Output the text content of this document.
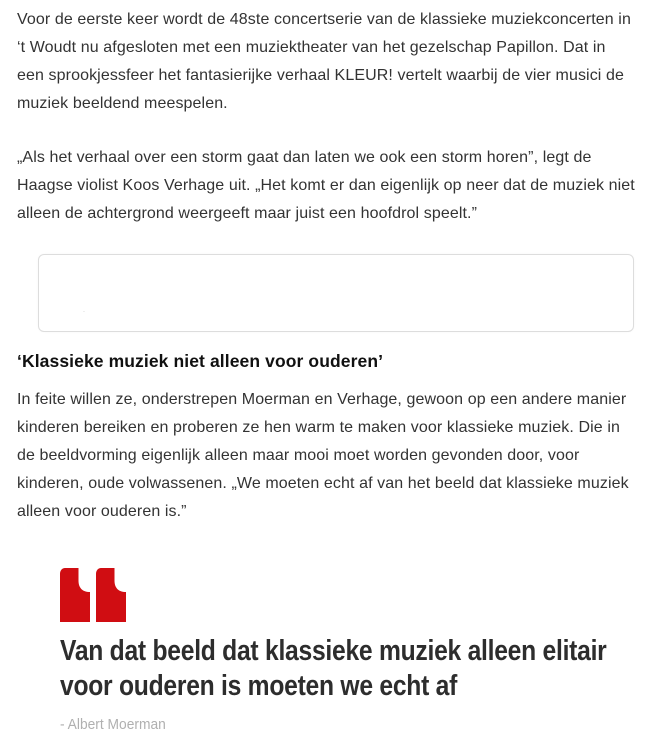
Voor de eerste keer wordt de 48ste concertserie van de klassieke muziekconcerten in ‘t Woudt nu afgesloten met een muziektheater van het gezelschap Papillon. Dat in een sprookjessfeer het fantasierijke verhaal KLEUR! vertelt waarbij de vier musici de muziek beeldend meespelen.

„Als het verhaal over een storm gaat dan laten we ook een storm horen”, legt de Haagse violist Koos Verhage uit. „Het komt er dan eigenlijk op neer dat de muziek niet alleen de achtergrond weergeeft maar juist een hoofdrol speelt.”

·
‘Klassieke muziek niet alleen voor ouderen’

In feite willen ze, onderstrepen Moerman en Verhage, gewoon op een andere manier kinderen bereiken en proberen ze hen warm te maken voor klassieke muziek. Die in de beeldvorming eigenlijk alleen maar mooi moet worden gevonden door, voor kinderen, oude volwassenen. „We moeten echt af van het beeld dat klassieke muziek alleen voor ouderen is.”

Van dat beeld dat klassieke muziek alleen elitair voor ouderen is moeten we echt af
- Albert Moerman
